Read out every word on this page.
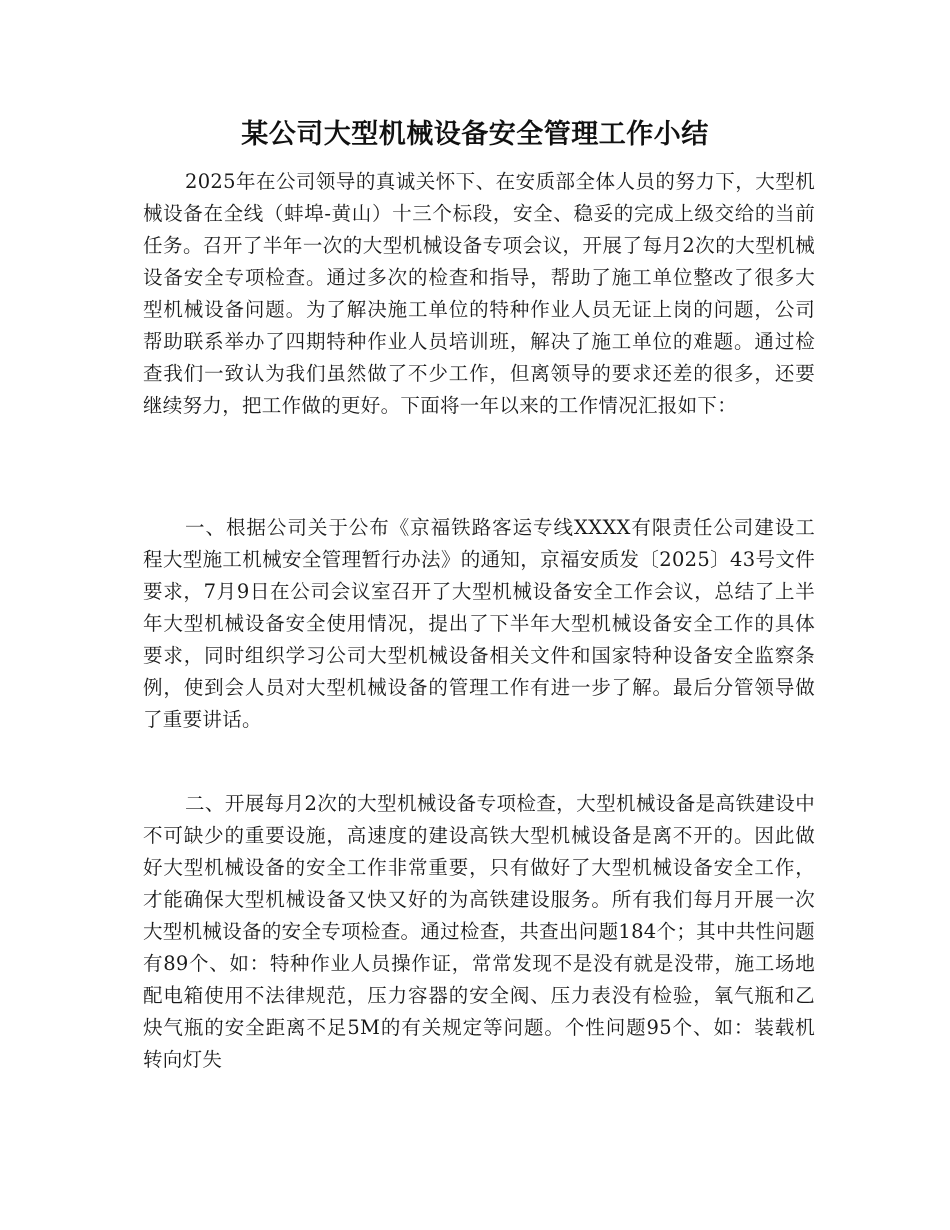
某公司大型机械设备安全管理工作小结

2025年在公司领导的真诚关怀下、在安质部全体人员的努力下，大型机械设备在全线（蚌埠-黄山）十三个标段，安全、稳妥的完成上级交给的当前任务。召开了半年一次的大型机械设备专项会议，开展了每月2次的大型机械设备安全专项检查。通过多次的检查和指导，帮助了施工单位整改了很多大型机械设备问题。为了解决施工单位的特种作业人员无证上岗的问题，公司帮助联系举办了四期特种作业人员培训班，解决了施工单位的难题。通过检查我们一致认为我们虽然做了不少工作，但离领导的要求还差的很多，还要继续努力，把工作做的更好。下面将一年以来的工作情况汇报如下：

一、根据公司关于公布《京福铁路客运专线XXXX有限责任公司建设工程大型施工机械安全管理暂行办法》的通知，京福安质发〔2025〕43号文件要求，7月9日在公司会议室召开了大型机械设备安全工作会议，总结了上半年大型机械设备安全使用情况，提出了下半年大型机械设备安全工作的具体要求，同时组织学习公司大型机械设备相关文件和国家特种设备安全监察条例，使到会人员对大型机械设备的管理工作有进一步了解。最后分管领导做了重要讲话。

二、开展每月2次的大型机械设备专项检查，大型机械设备是高铁建设中不可缺少的重要设施，高速度的建设高铁大型机械设备是离不开的。因此做好大型机械设备的安全工作非常重要，只有做好了大型机械设备安全工作，才能确保大型机械设备又快又好的为高铁建设服务。所有我们每月开展一次大型机械设备的安全专项检查。通过检查，共查出问题184个；其中共性问题有89个、如：特种作业人员操作证，常常发现不是没有就是没带，施工场地配电箱使用不法律规范，压力容器的安全阀、压力表没有检验，氧气瓶和乙炔气瓶的安全距离不足5M的有关规定等问题。个性问题95个、如：装载机转向灯失
